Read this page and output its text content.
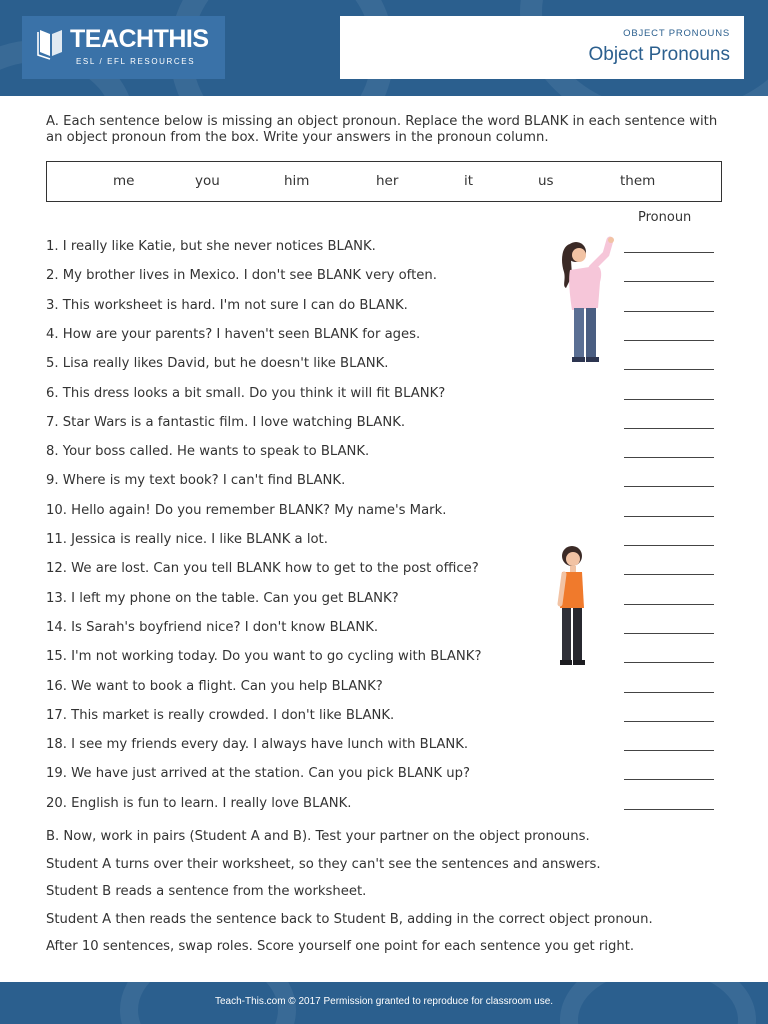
TEACHTHIS
ESL / EFL RESOURCES
OBJECT PRONOUNS
Object Pronouns
A. Each sentence below is missing an object pronoun. Replace the word BLANK in each sentence with an object pronoun from the box. Write your answers in the pronoun column.
me	you	him	her	it	us	them
Pronoun
1. I really like Katie, but she never notices BLANK.
2. My brother lives in Mexico. I don't see BLANK very often.
3. This worksheet is hard. I'm not sure I can do BLANK.
4. How are your parents? I haven't seen BLANK for ages.
5. Lisa really likes David, but he doesn't like BLANK.
6. This dress looks a bit small. Do you think it will fit BLANK?
7. Star Wars is a fantastic film. I love watching BLANK.
8. Your boss called. He wants to speak to BLANK.
9. Where is my text book? I can't find BLANK.
10. Hello again! Do you remember BLANK? My name's Mark.
11. Jessica is really nice. I like BLANK a lot.
12. We are lost. Can you tell BLANK how to get to the post office?
13. I left my phone on the table. Can you get BLANK?
14. Is Sarah's boyfriend nice? I don't know BLANK.
15. I'm not working today. Do you want to go cycling with BLANK?
16. We want to book a flight. Can you help BLANK?
17. This market is really crowded. I don't like BLANK.
18. I see my friends every day. I always have lunch with BLANK.
19. We have just arrived at the station. Can you pick BLANK up?
20. English is fun to learn. I really love BLANK.
B. Now, work in pairs (Student A and B). Test your partner on the object pronouns.
Student A turns over their worksheet, so they can't see the sentences and answers.
Student B reads a sentence from the worksheet.
Student A then reads the sentence back to Student B, adding in the correct object pronoun.
After 10 sentences, swap roles. Score yourself one point for each sentence you get right.
Teach-This.com © 2017 Permission granted to reproduce for classroom use.
